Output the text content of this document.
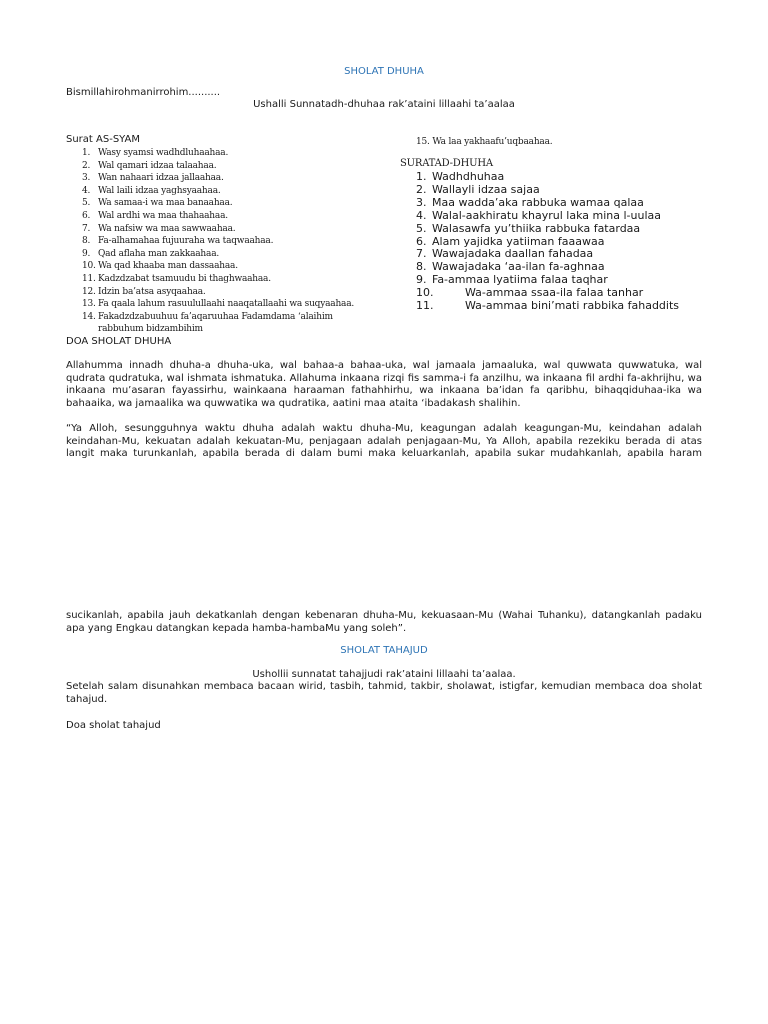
SHOLAT DHUHA
Bismillahirohmanirrohim..........
Ushalli Sunnatadh-dhuhaa rak’ataini lillaahi ta’aalaa
Surat AS-SYAM
1. Wasy syamsi wadhdluhaahaa.
2. Wal qamari idzaa talaahaa.
3. Wan nahaari idzaa jallaahaa.
4. Wal laili idzaa yaghsyaahaa.
5. Wa samaa-i wa maa banaahaa.
6. Wal ardhi wa maa thahaahaa.
7. Wa nafsiw wa maa sawwaahaa.
8. Fa-alhamahaa fujuuraha wa taqwaahaa.
9. Qad aflaha man zakkaahaa.
10. Wa qad khaaba man dassaahaa.
11. Kadzdzabat tsamuudu bi thaghwaahaa.
12. Idzin ba’atsa asyqaahaa.
13. Fa qaala lahum rasuulullaahi naaqatallaahi wa suqyaahaa.
14. Fakadzdzabuuhuu fa’aqaruuhaa Fadamdama ‘alaihim rabbuhum bidzambihim
15. Wa laa yakhaafu’uqbaahaa.
SURATAD-DHUHA
1. Wadhdhuhaa
2. Wallayli idzaa sajaa
3. Maa wadda’aka rabbuka wamaa qalaa
4. Walal-aakhiratu khayrul laka mina l-uulaa
5. Walasawfa yu’thiika rabbuka fatardaa
6. Alam yajidka yatiiman faaawaa
7. Wawajadaka daallan fahadaa
8. Wawajadaka ‘aa-ilan fa-aghnaa
9. Fa-ammaa lyatiima falaa taqhar
10.	Wa-ammaa ssaa-ila falaa tanhar
11.	Wa-ammaa bini’mati rabbika fahaddits
DOA SHOLAT DHUHA
Allahumma innadh dhuha-a dhuha-uka, wal bahaa-a bahaa-uka, wal jamaala jamaaluka, wal quwwata quwwatuka, wal qudrata qudratuka, wal ishmata ishmatuka. Allahuma inkaana rizqi fis samma-i fa anzilhu, wa inkaana fil ardhi fa-akhrijhu, wa inkaana mu’asaran fayassirhu, wainkaana haraaman fathahhirhu, wa inkaana ba’idan fa qaribhu, bihaqqiduhaa-ika wa bahaaika, wa jamaalika wa quwwatika wa qudratika, aatini maa ataita ‘ibadakash shalihin.
“Ya Alloh, sesungguhnya waktu dhuha adalah waktu dhuha-Mu, keagungan adalah keagungan-Mu, keindahan adalah keindahan-Mu, kekuatan adalah kekuatan-Mu, penjagaan adalah penjagaan-Mu, Ya Alloh, apabila rezekiku berada di atas langit maka turunkanlah, apabila berada di dalam bumi maka keluarkanlah, apabila sukar mudahkanlah, apabila haram
sucikanlah, apabila jauh dekatkanlah dengan kebenaran dhuha-Mu, kekuasaan-Mu (Wahai Tuhanku), datangkanlah padaku apa yang Engkau datangkan kepada hamba-hambaMu yang soleh”.
SHOLAT TAHAJUD
Ushollii sunnatat tahajjudi rak’ataini lillaahi ta’aalaa.
Setelah salam disunahkan membaca bacaan wirid, tasbih, tahmid, takbir, sholawat, istigfar, kemudian membaca doa sholat tahajud.
Doa sholat tahajud
